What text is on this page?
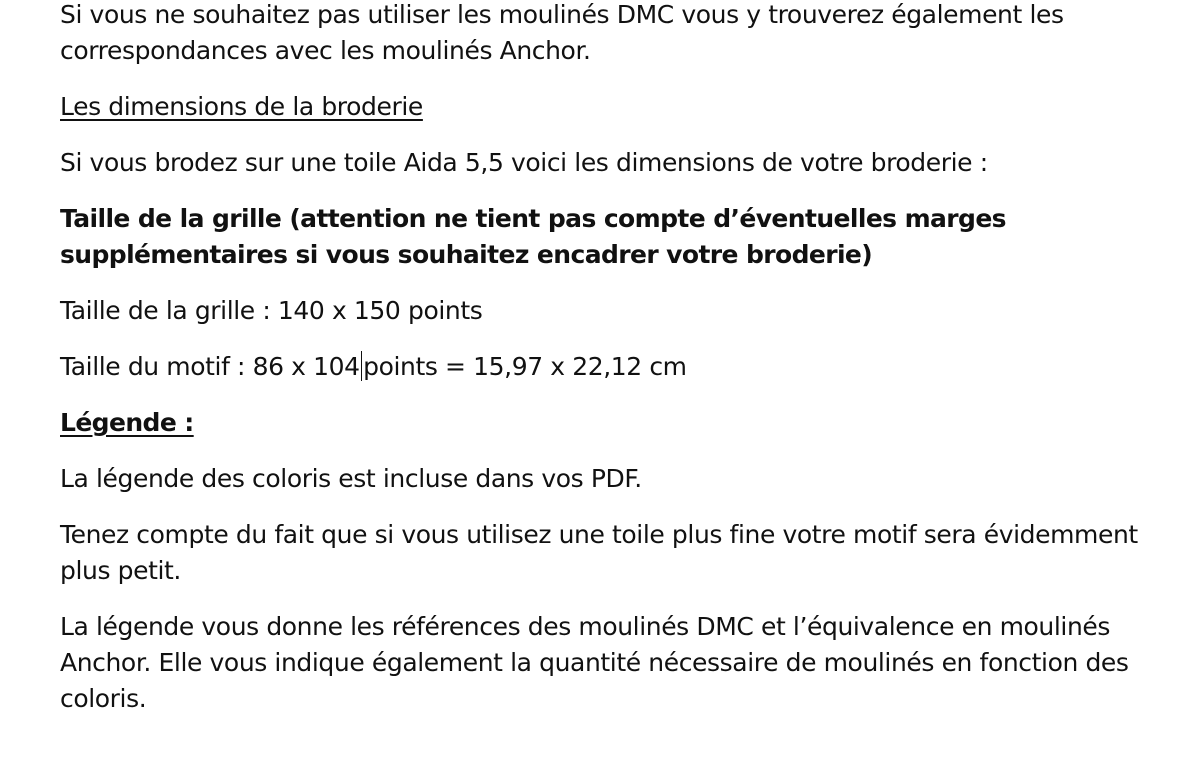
Si vous ne souhaitez pas utiliser les moulinés DMC vous y trouverez également les correspondances avec les moulinés Anchor.

Les dimensions de la broderie

Si vous brodez sur une toile Aida 5,5 voici les dimensions de votre broderie :

Taille de la grille (attention ne tient pas compte d’éventuelles marges supplémentaires si vous souhaitez encadrer votre broderie)

Taille de la grille : 140 x 150 points

Taille du motif : 86 x 104 points = 15,97 x 22,12 cm

Légende :

La légende des coloris est incluse dans vos PDF.

Tenez compte du fait que si vous utilisez une toile plus fine votre motif sera évidemment plus petit.

La légende vous donne les références des moulinés DMC et l’équivalence en moulinés Anchor. Elle vous indique également la quantité nécessaire de moulinés en fonction des coloris.
